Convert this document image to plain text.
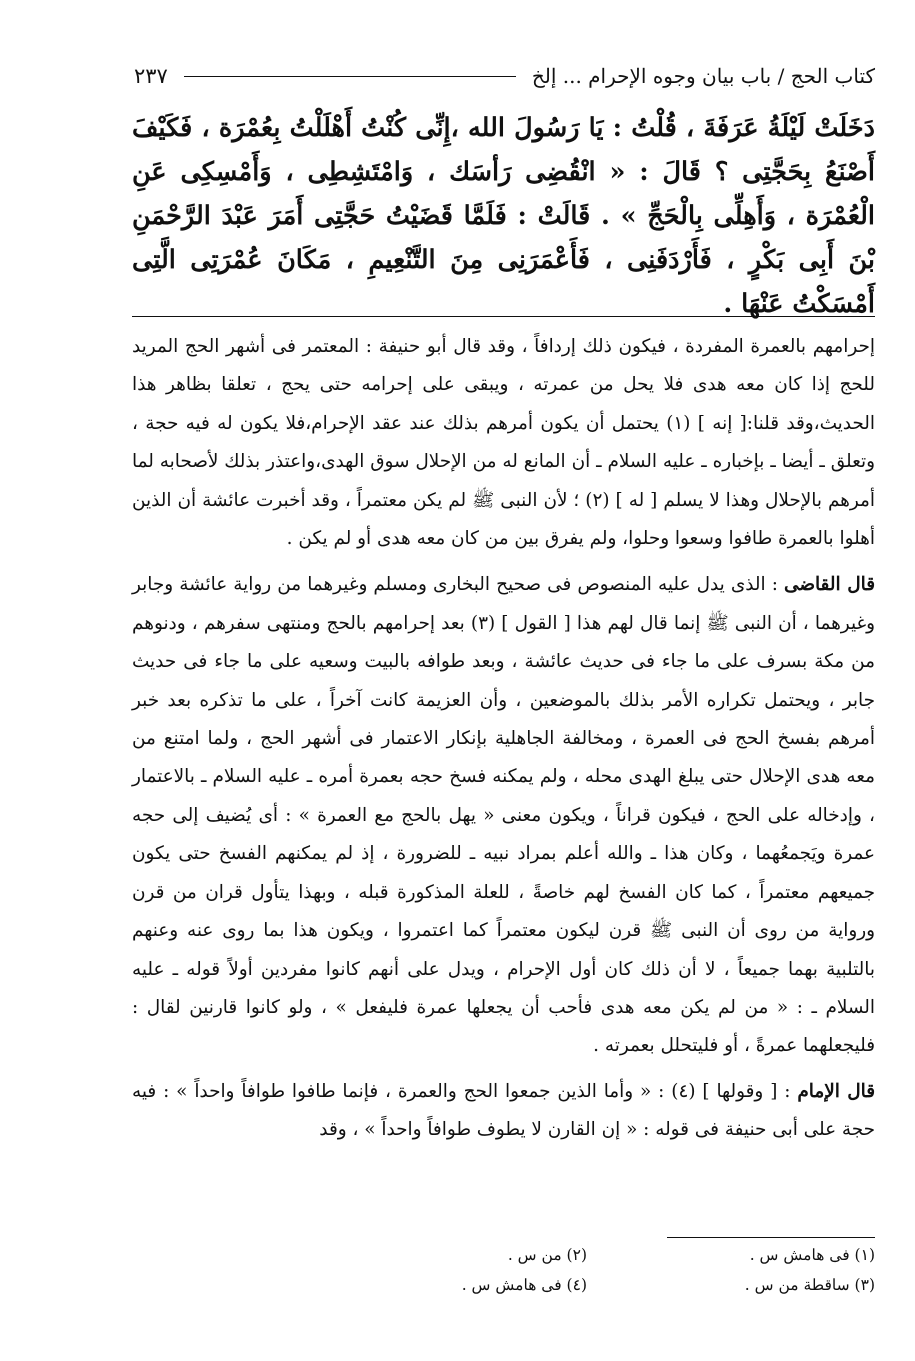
كتاب الحج / باب بيان وجوه الإحرام ... إلخ
٢٣٧
دَخَلَتْ لَيْلَةُ عَرَفَةَ ، قُلْتُ : يَا رَسُولَ الله ،إِنِّى كُنْتُ أَهْلَلْتُ بِعُمْرَة ، فَكَيْفَ أَصْنَعُ بِحَجَّتِى ؟ قَالَ : « انْقُضِى رَأسَك ، وَامْتَشِطِى ، وَأَمْسِكِى عَنِ الْعُمْرَة ، وَأَهِلِّى بِالْحَجِّ » . قَالَتْ : فَلَمَّا قَضَيْتُ حَجَّتِى أَمَرَ عَبْدَ الرَّحْمَنِ بْنَ أَبِى بَكْرٍ ، فَأَرْدَفَنِى ، فَأَعْمَرَنِى مِنَ التَّنْعِيمِ ، مَكَانَ عُمْرَتِى الَّتِى أَمْسَكْتُ عَنْهَا .

إحرامهم بالعمرة المفردة ، فيكون ذلك إردافاً ، وقد قال أبو حنيفة : المعتمر فى أشهر الحج المريد للحج إذا كان معه هدى فلا يحل من عمرته ، ويبقى على إحرامه حتى يحج ، تعلقا بظاهر هذا الحديث،وقد قلنا:[ إنه ] (١) يحتمل أن يكون أمرهم بذلك عند عقد الإحرام،فلا يكون له فيه حجة ، وتعلق ـ أيضا ـ بإخباره ـ عليه السلام ـ أن المانع له من الإحلال سوق الهدى،واعتذر بذلك لأصحابه لما أمرهم بالإحلال وهذا لا يسلم [ له ] (٢) ؛ لأن النبى ﷺ لم يكن معتمراً ، وقد أخبرت عائشة أن الذين أهلوا بالعمرة طافوا وسعوا وحلوا، ولم يفرق بين من كان معه هدى أو لم يكن .

قال القاضى : الذى يدل عليه المنصوص فى صحيح البخارى ومسلم وغيرهما من رواية عائشة وجابر وغيرهما ، أن النبى ﷺ إنما قال لهم هذا [ القول ] (٣) بعد إحرامهم بالحج ومنتهى سفرهم ، ودنوهم من مكة بسرف على ما جاء فى حديث عائشة ، وبعد طوافه بالبيت وسعيه على ما جاء فى حديث جابر ، ويحتمل تكراره الأمر بذلك بالموضعين ، وأن العزيمة كانت آخراً ، على ما تذكره بعد خبر أمرهم بفسخ الحج فى العمرة ، ومخالفة الجاهلية بإنكار الاعتمار فى أشهر الحج ، ولما امتنع من معه هدى الإحلال حتى يبلغ الهدى محله ، ولم يمكنه فسخ حجه بعمرة أمره ـ عليه السلام ـ بالاعتمار ، وإدخاله على الحج ، فيكون قراناً ، ويكون معنى « يهل بالحج مع العمرة » : أى يُضيف إلى حجه عمرة ويَجمعُهما ، وكان هذا ـ والله أعلم بمراد نبيه ـ للضرورة ، إذ لم يمكنهم الفسخ حتى يكون جميعهم معتمراً ، كما كان الفسخ لهم خاصةً ، للعلة المذكورة قبله ، وبهذا يتأول قران من قرن ورواية من روى أن النبى ﷺ قرن ليكون معتمراً كما اعتمروا ، ويكون هذا بما روى عنه وعنهم بالتلبية بهما جميعاً ، لا أن ذلك كان أول الإحرام ، ويدل على أنهم كانوا مفردين أولاً قوله ـ عليه السلام ـ : « من لم يكن معه هدى فأحب أن يجعلها عمرة فليفعل » ، ولو كانوا قارنين لقال : فليجعلهما عمرةً ، أو فليتحلل بعمرته .

قال الإمام : [ وقولها ] (٤) : « وأما الذين جمعوا الحج والعمرة ، فإنما طافوا طوافاً واحداً » : فيه حجة على أبى حنيفة فى قوله : « إن القارن لا يطوف طوافاً واحداً » ، وقد

(١) فى هامش س .
(٢) من س .
(٣) ساقطة من س .
(٤) فى هامش س .
